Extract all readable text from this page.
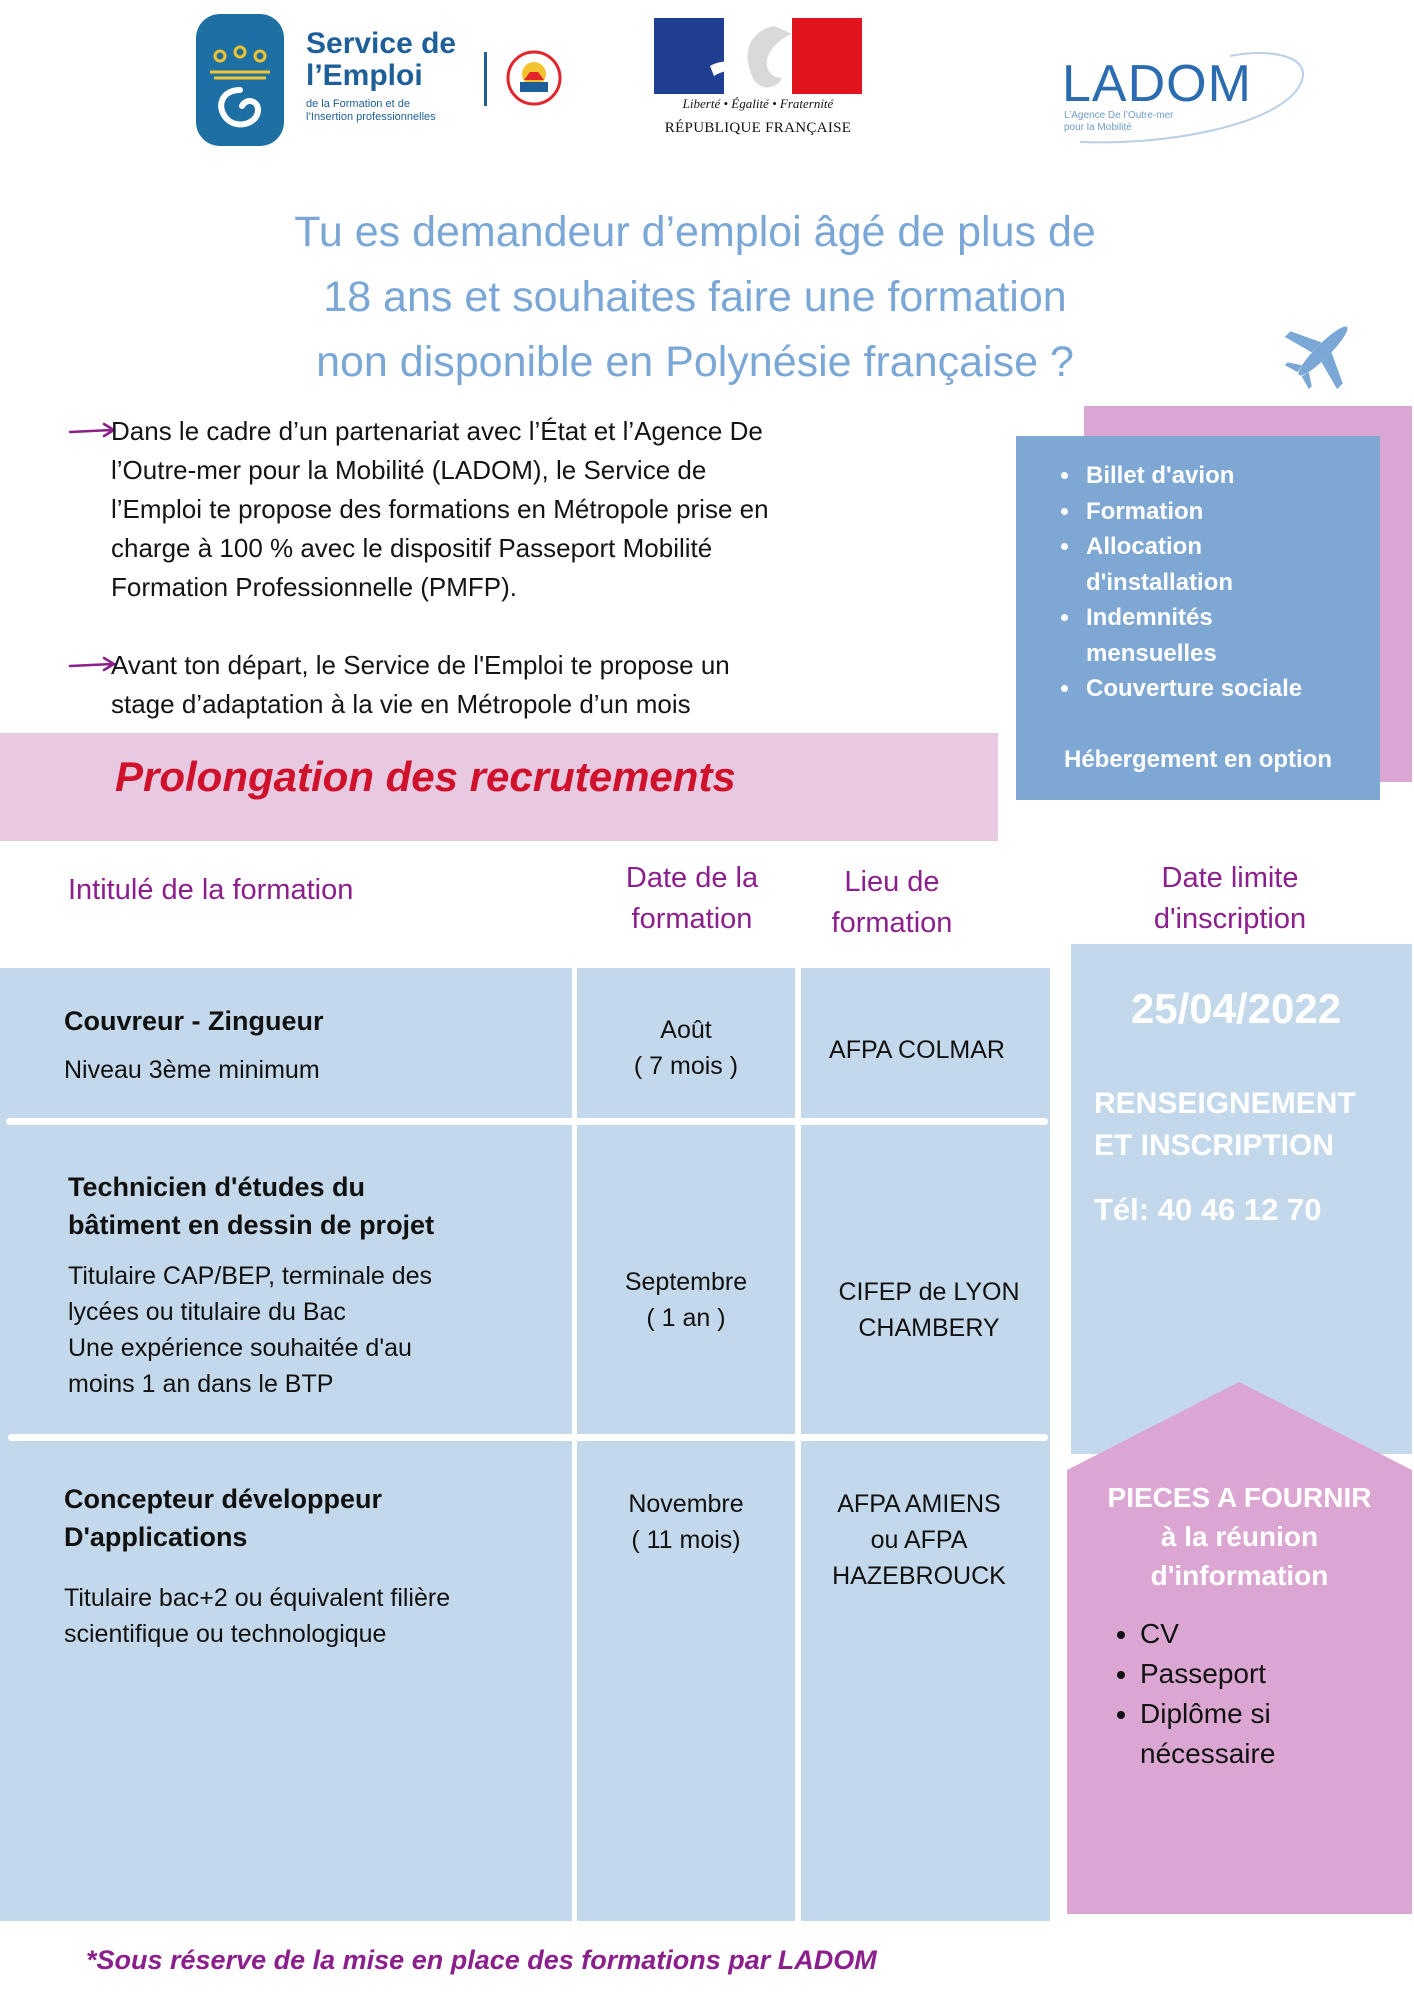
Service de
l’Emploi
de la Formation et de
l’Insertion professionnelles
Liberté • Égalité • Fraternité
RÉPUBLIQUE FRANÇAISE
LADOM
L’Agence De l’Outre-mer
pour la Mobilité
Tu es demandeur d’emploi âgé de plus de
18 ans et souhaites faire une formation
non disponible en Polynésie française ?
Dans le cadre d’un partenariat avec l’État et l’Agence De
l’Outre-mer pour la Mobilité (LADOM), le Service de
l’Emploi te propose des formations en Métropole prise en
charge à 100 % avec le dispositif Passeport Mobilité
Formation Professionnelle (PMFP).
Avant ton départ, le Service de l'Emploi te propose un
stage d’adaptation à la vie en Métropole d’un mois
• Billet d'avion
• Formation
• Allocation
d'installation
• Indemnités
mensuelles
• Couverture sociale
Hébergement en option
Prolongation des recrutements
Intitulé de la formation	Date de la
formation
Lieu de
formation
Date limite
d'inscription
Couvreur - Zingueur
Niveau 3ème minimum
Août
( 7 mois )
AFPA COLMAR
Technicien d'études du
bâtiment en dessin de projet
Titulaire CAP/BEP, terminale des
lycées ou titulaire du Bac
Une expérience souhaitée d'au
moins 1 an dans le BTP
Septembre
( 1 an )
CIFEP de LYON
CHAMBERY
Concepteur développeur
D'applications
Titulaire bac+2 ou équivalent filière
scientifique ou technologique
Novembre
( 11 mois)
AFPA AMIENS
ou AFPA
HAZEBROUCK
25/04/2022
RENSEIGNEMENT
ET INSCRIPTION
Tél: 40 46 12 70
PIECES A FOURNIR
à la réunion
d'information
• CV
• Passeport
• Diplôme si
nécessaire
*Sous réserve de la mise en place des formations par LADOM
